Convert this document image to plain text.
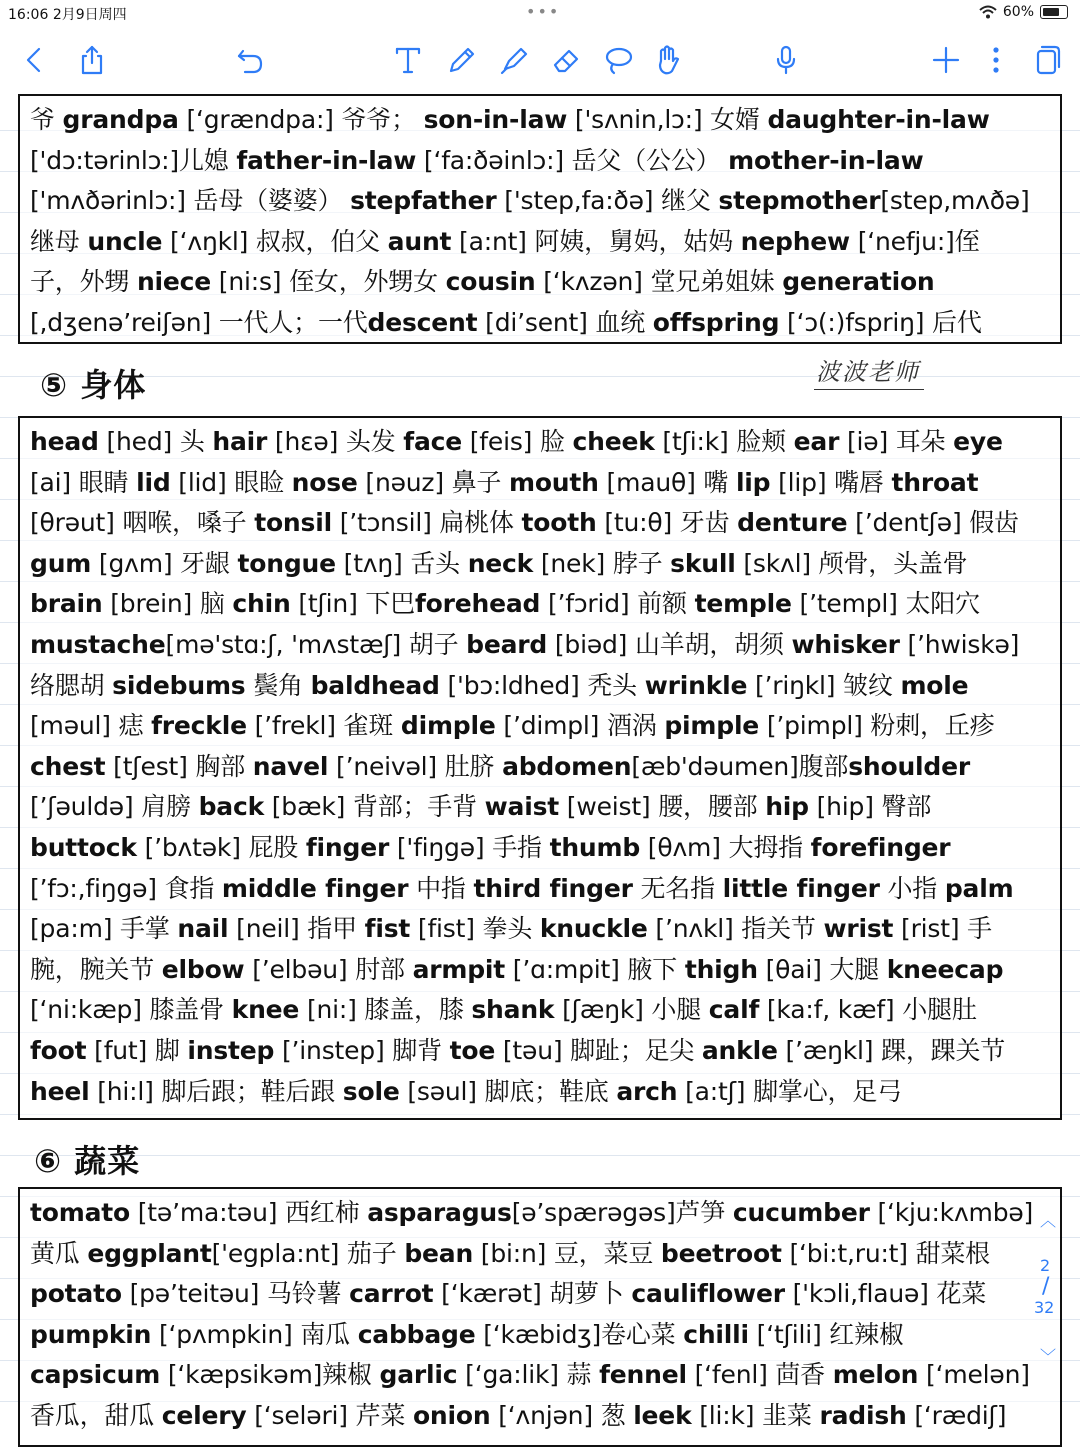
16:06 2月9日周四	•••	60%
爷 grandpa [‘grændpa:] 爷爷； son-in-law ['sʌnin,lɔ:] 女婿 daughter-in-law
['dɔ:tərinlɔ:]儿媳 father-in-law [‘fa:ðəinlɔ:] 岳父（公公） mother-in-law
['mʌðərinlɔ:] 岳母（婆婆） stepfather ['step,fa:ðə] 继父 stepmother[step,mʌðə]
继母 uncle [‘ʌŋkl] 叔叔，伯父 aunt [a:nt] 阿姨，舅妈，姑妈 nephew [‘nefju:]侄
子，外甥 niece [ni:s] 侄女，外甥女 cousin [‘kʌzən] 堂兄弟姐妹 generation
[,dʒenə’reiʃən] 一代人；一代descent [di’sent] 血统 offspring [‘ɔ(:)fspriŋ] 后代
⑤ 身体	波波老师
head [hed] 头 hair [hεə] 头发 face [feis] 脸 cheek [tʃi:k] 脸颊 ear [iə] 耳朵 eye
[ai] 眼睛 lid [lid] 眼睑 nose [nəuz] 鼻子 mouth [mauθ] 嘴 lip [lip] 嘴唇 throat
[θrəut] 咽喉，嗓子 tonsil [’tɔnsil] 扁桃体 tooth [tu:θ] 牙齿 denture [’dentʃə] 假齿
gum [gʌm] 牙龈 tongue [tʌŋ] 舌头 neck [nek] 脖子 skull [skʌl] 颅骨，头盖骨
brain [brein] 脑 chin [tʃin] 下巴forehead [’fɔrid] 前额 temple [’templ] 太阳穴
mustache[mə'stɑ:ʃ, 'mʌstæʃ] 胡子 beard [biəd] 山羊胡，胡须 whisker [’hwiskə]
络腮胡 sidebums 鬓角 baldhead ['bɔ:ldhed] 秃头 wrinkle [’riŋkl] 皱纹 mole
[məul] 痣 freckle [’frekl] 雀斑 dimple [’dimpl] 酒涡 pimple [’pimpl] 粉刺，丘疹
chest [tʃest] 胸部 navel [’neivəl] 肚脐 abdomen[æb'dəumen]腹部shoulder
[’ʃəuldə] 肩膀 back [bæk] 背部；手背 waist [weist] 腰，腰部 hip [hip] 臀部
buttock [’bʌtək] 屁股 finger ['fiŋgə] 手指 thumb [θʌm] 大拇指 forefinger
[’fɔ:,fiŋgə] 食指 middle finger 中指 third finger 无名指 little finger 小指 palm
[pa:m] 手掌 nail [neil] 指甲 fist [fist] 拳头 knuckle [’nʌkl] 指关节 wrist [rist] 手
腕，腕关节 elbow [’elbəu] 肘部 armpit [’ɑ:mpit] 腋下 thigh [θai] 大腿 kneecap
[‘ni:kæp] 膝盖骨 knee [ni:] 膝盖，膝 shank [ʃæŋk] 小腿 calf [ka:f, kæf] 小腿肚
foot [fut] 脚 instep [’instep] 脚背 toe [təu] 脚趾；足尖 ankle [’æŋkl] 踝，踝关节
heel [hi:l] 脚后跟；鞋后跟 sole [səul] 脚底；鞋底 arch [a:tʃ] 脚掌心，足弓
⑥ 蔬菜
tomato [tə’ma:təu] 西红柿 asparagus[ə’spærəgəs]芦笋 cucumber [‘kju:kʌmbə]
黄瓜 eggplant['egpla:nt] 茄子 bean [bi:n] 豆，菜豆 beetroot [‘bi:t,ru:t] 甜菜根
potato [pə’teitəu] 马铃薯 carrot [‘kærət] 胡萝卜 cauliflower ['kɔli,flauə] 花菜
pumpkin [‘pʌmpkin] 南瓜 cabbage [‘kæbidʒ]卷心菜 chilli [‘tʃili] 红辣椒
capsicum [‘kæpsikəm]辣椒 garlic [‘ga:lik] 蒜 fennel [‘fenl] 茴香 melon [‘melən]
香瓜，甜瓜 celery [‘seləri] 芹菜 onion [‘ʌnjən] 葱 leek [li:k] 韭菜 radish [‘rædiʃ]
︿
2
/
32
﹀
